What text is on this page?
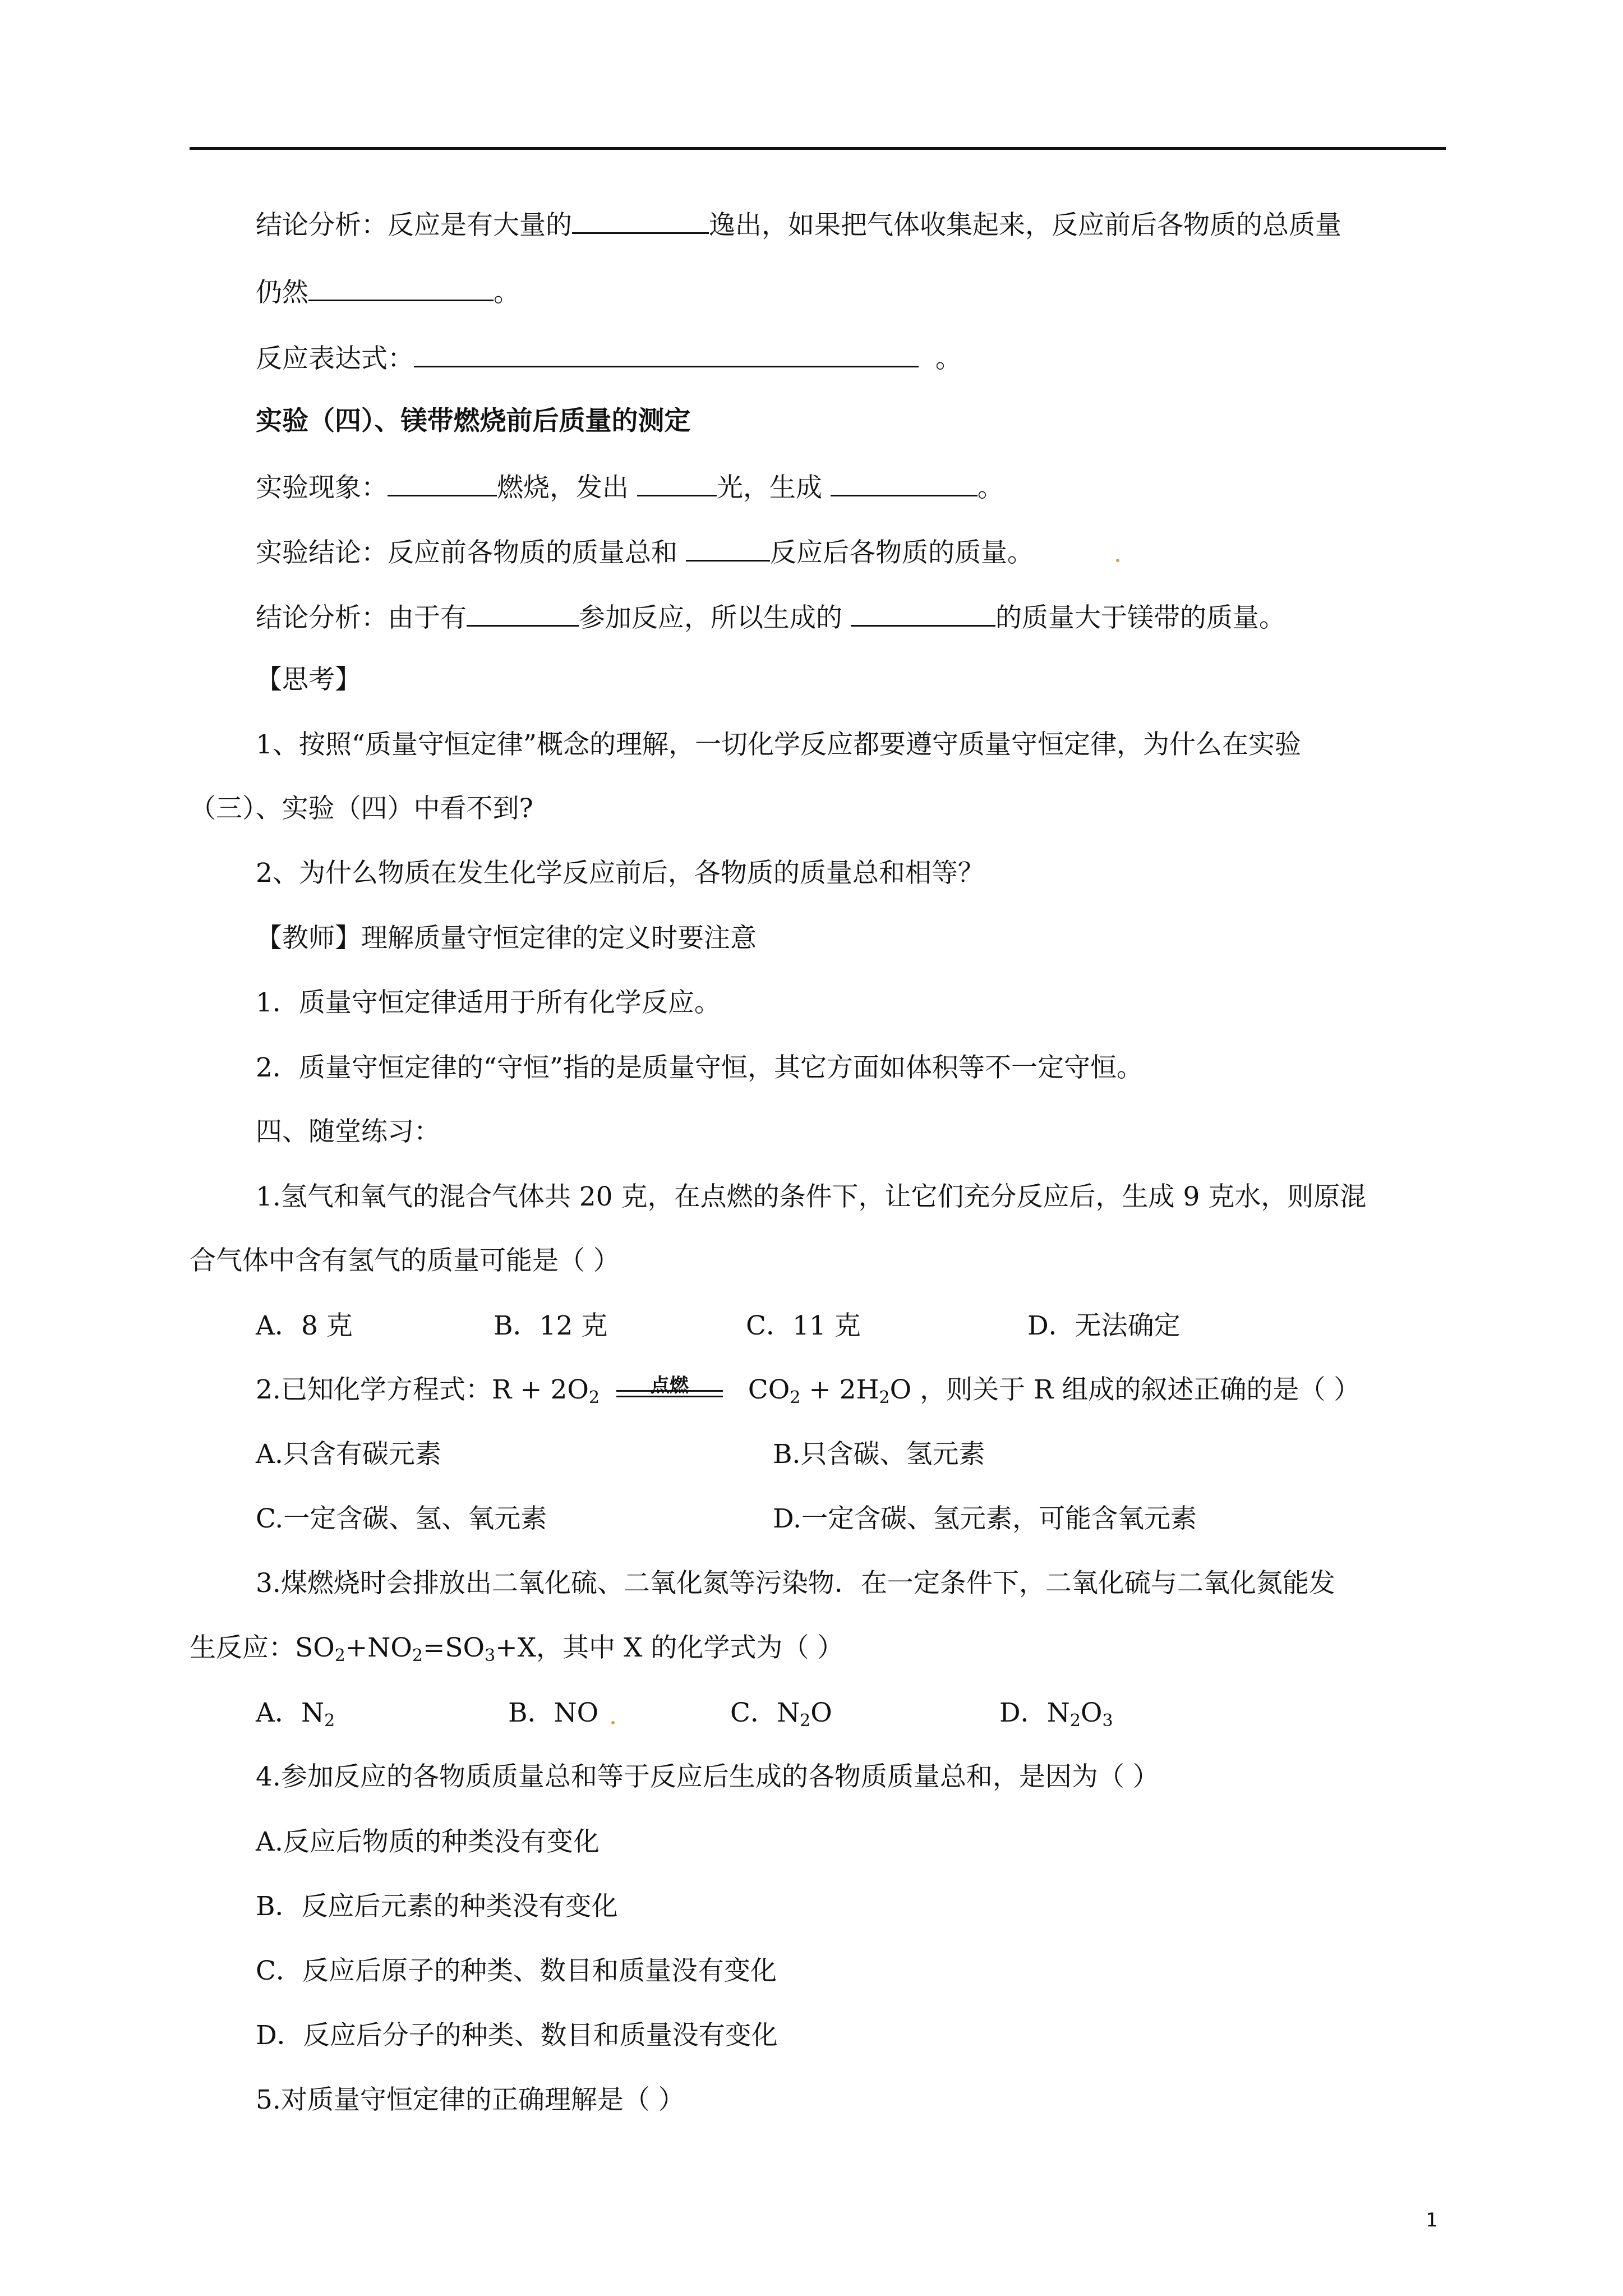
结论分析：反应是有大量的	逸出，如果把气体收集起来，反应前后各物质的总质量
仍然	。
反应表达式：	。
实验（四）、镁带燃烧前后质量的测定
实验现象：	燃烧，发出	光，生成	。
实验结论：反应前各物质的质量总和	反应后各物质的质量。
结论分析：由于有	参加反应，所以生成的	的质量大于镁带的质量。
【思考】
1、按照“质量守恒定律”概念的理解，一切化学反应都要遵守质量守恒定律，为什么在实验
（三）、实验（四）中看不到?
2、为什么物质在发生化学反应前后，各物质的质量总和相等？
【教师】理解质量守恒定律的定义时要注意
1．质量守恒定律适用于所有化学反应。
2．质量守恒定律的“守恒”指的是质量守恒，其它方面如体积等不一定守恒。
四、随堂练习：
1.氢气和氧气的混合气体共 20 克，在点燃的条件下，让它们充分反应后，生成 9 克水，则原混
合气体中含有氢气的质量可能是（ ）
A．8 克	B．12 克	C．11 克	D．无法确定
2.已知化学方程式：$R + 2O_2$
点燃	$CO_2 + 2H_2O$ ，则关于 R 组成的叙述正确的是（ ）
A.只含有碳元素	B.只含碳、氢元素
C.一定含碳、氢、氧元素	D.一定含碳、氢元素，可能含氧元素
3.煤燃烧时会排放出二氧化硫、二氧化氮等污染物．在一定条件下，二氧化硫与二氧化氮能发
生反应：$SO_2+NO_2=SO_3+X$，其中 X 的化学式为（ ）
A．$N_2$	B．NO	C．$N_2O$	D．$N_2O_3$
4.参加反应的各物质质量总和等于反应后生成的各物质质量总和，是因为（ ）
A.反应后物质的种类没有变化
B．反应后元素的种类没有变化
C．反应后原子的种类、数目和质量没有变化
D．反应后分子的种类、数目和质量没有变化
5.对质量守恒定律的正确理解是（ ）
1
